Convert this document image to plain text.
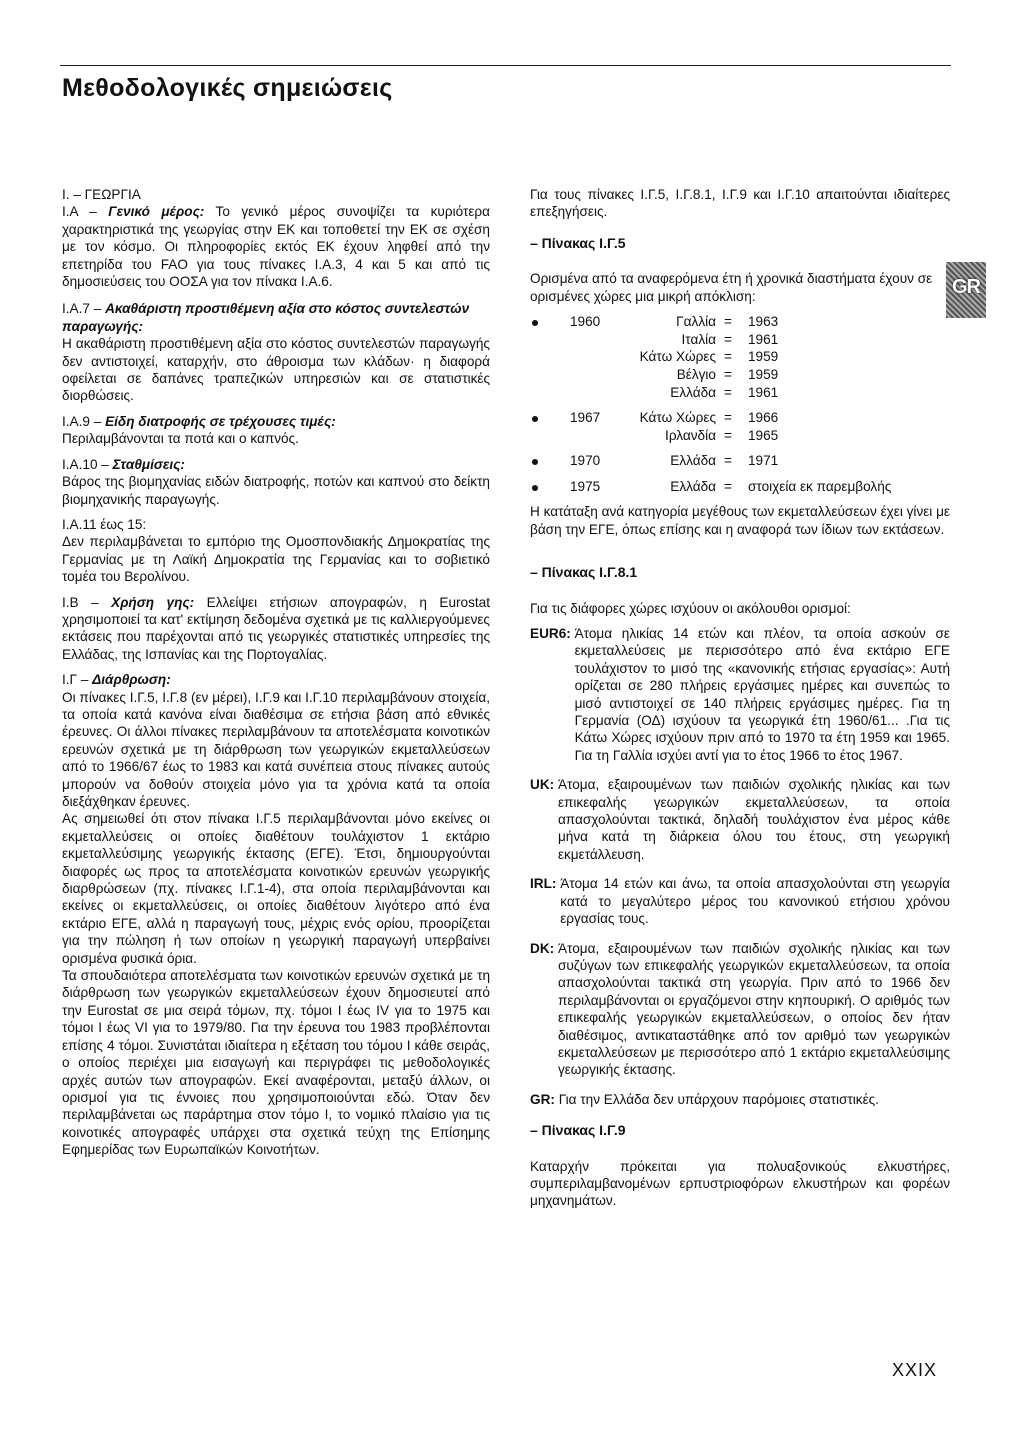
Μεθοδολογικές σημειώσεις
GR

I. – ΓΕΩΡΓΙΑ

I.A – Γενικό μέρος: Το γενικό μέρος συνοψίζει τα κυριότερα χαρακτηριστικά της γεωργίας στην ΕΚ και τοποθετεί την ΕΚ σε σχέση με τον κόσμο. Οι πληροφορίες εκτός ΕΚ έχουν ληφθεί από την επετηρίδα του FAO για τους πίνακες I.A.3, 4 και 5 και από τις δημοσιεύσεις του ΟΟΣΑ για τον πίνακα I.A.6.

I.A.7 – Ακαθάριστη προστιθέμενη αξία στο κόστος συντελεστών παραγωγής:

Η ακαθάριστη προστιθέμενη αξία στο κόστος συντελεστών παραγωγής δεν αντιστοιχεί, καταρχήν, στο άθροισμα των κλάδων· η διαφορά οφείλεται σε δαπάνες τραπεζικών υπηρεσιών και σε στατιστικές διορθώσεις.

I.A.9 – Είδη διατροφής σε τρέχουσες τιμές:

Περιλαμβάνονται τα ποτά και ο καπνός.

I.A.10 – Σταθμίσεις:

Βάρος της βιομηχανίας ειδών διατροφής, ποτών και καπνού στο δείκτη βιομηχανικής παραγωγής.

I.A.11 έως 15:

Δεν περιλαμβάνεται το εμπόριο της Ομοσπονδιακής Δημοκρατίας της Γερμανίας με τη Λαϊκή Δημοκρατία της Γερμανίας και το σοβιετικό τομέα του Βερολίνου.

I.B – Χρήση γης: Ελλείψει ετήσιων απογραφών, η Eurostat χρησιμοποιεί τα κατ' εκτίμηση δεδομένα σχετικά με τις καλλιεργούμενες εκτάσεις που παρέχονται από τις γεωργικές στατιστικές υπηρεσίες της Ελλάδας, της Ισπανίας και της Πορτογαλίας.

I.Γ – Διάρθρωση:

Οι πίνακες I.Γ.5, I.Γ.8 (εν μέρει), I.Γ.9 και I.Γ.10 περιλαμβάνουν στοιχεία, τα οποία κατά κανόνα είναι διαθέσιμα σε ετήσια βάση από εθνικές έρευνες. Οι άλλοι πίνακες περιλαμβάνουν τα αποτελέσματα κοινοτικών ερευνών σχετικά με τη διάρθρωση των γεωργικών εκμεταλλεύσεων από το 1966/67 έως το 1983 και κατά συνέπεια στους πίνακες αυτούς μπορούν να δοθούν στοιχεία μόνο για τα χρόνια κατά τα οποία διεξάχθηκαν έρευνες.

Ας σημειωθεί ότι στον πίνακα I.Γ.5 περιλαμβάνονται μόνο εκείνες οι εκμεταλλεύσεις οι οποίες διαθέτουν τουλάχιστον 1 εκτάριο εκμεταλλεύσιμης γεωργικής έκτασης (ΕΓΕ). Έτσι, δημιουργούνται διαφορές ως προς τα αποτελέσματα κοινοτικών ερευνών γεωργικής διαρθρώσεων (πχ. πίνακες I.Γ.1-4), στα οποία περιλαμβάνονται και εκείνες οι εκμεταλλεύσεις, οι οποίες διαθέτουν λιγότερο από ένα εκτάριο ΕΓΕ, αλλά η παραγωγή τους, μέχρις ενός ορίου, προορίζεται για την πώληση ή των οποίων η γεωργική παραγωγή υπερβαίνει ορισμένα φυσικά όρια.

Τα σπουδαιότερα αποτελέσματα των κοινοτικών ερευνών σχετικά με τη διάρθρωση των γεωργικών εκμεταλλεύσεων έχουν δημοσιευτεί από την Eurostat σε μια σειρά τόμων, πχ. τόμοι I έως IV για το 1975 και τόμοι I έως VI για το 1979/80. Για την έρευνα του 1983 προβλέπονται επίσης 4 τόμοι. Συνιστάται ιδιαίτερα η εξέταση του τόμου I κάθε σειράς, ο οποίος περιέχει μια εισαγωγή και περιγράφει τις μεθοδολογικές αρχές αυτών των απογραφών. Εκεί αναφέρονται, μεταξύ άλλων, οι ορισμοί για τις έννοιες που χρησιμοποιούνται εδώ. Όταν δεν περιλαμβάνεται ως παράρτημα στον τόμο I, το νομικό πλαίσιο για τις κοινοτικές απογραφές υπάρχει στα σχετικά τεύχη της Επίσημης Εφημερίδας των Ευρωπαϊκών Κοινοτήτων.

Για τους πίνακες I.Γ.5, I.Γ.8.1, I.Γ.9 και I.Γ.10 απαιτούνται ιδιαίτερες επεξηγήσεις.

– Πίνακας I.Γ.5

Ορισμένα από τα αναφερόμενα έτη ή χρονικά διαστήματα έχουν σε ορισμένες χώρες μια μικρή απόκλιση:

1960	Γαλλία =	1963
Ιταλία =	1961
Κάτω Χώρες =	1959
Βέλγιο =	1959
Ελλάδα =	1961
1967	Κάτω Χώρες =	1966
Ιρλανδία =	1965
1970	Ελλάδα =	1971
1975	Ελλάδα =	στοιχεία εκ παρεμβολής

Η κατάταξη ανά κατηγορία μεγέθους των εκμεταλλεύσεων έχει γίνει με βάση την ΕΓΕ, όπως επίσης και η αναφορά των ίδιων των εκτάσεων.

– Πίνακας I.Γ.8.1

Για τις διάφορες χώρες ισχύουν οι ακόλουθοι ορισμοί:

EUR6:
Άτομα ηλικίας 14 ετών και πλέον, τα οποία ασκούν σε εκμεταλλεύσεις με περισσότερο από ένα εκτάριο ΕΓΕ τουλάχιστον το μισό της «κανονικής ετήσιας εργασίας»: Αυτή ορίζεται σε 280 πλήρεις εργάσιμες ημέρες και συνεπώς το μισό αντιστοιχεί σε 140 πλήρεις εργάσιμες ημέρες. Για τη Γερμανία (ΟΔ) ισχύουν τα γεωργικά έτη 1960/61... .Για τις Κάτω Χώρες ισχύουν πριν από το 1970 τα έτη 1959 και 1965. Για τη Γαλλία ισχύει αντί για το έτος 1966 το έτος 1967.
UK:
Άτομα, εξαιρουμένων των παιδιών σχολικής ηλικίας και των επικεφαλής γεωργικών εκμεταλλεύσεων, τα οποία απασχολούνται τακτικά, δηλαδή τουλάχιστον ένα μέρος κάθε μήνα κατά τη διάρκεια όλου του έτους, στη γεωργική εκμετάλλευση.
IRL:
Άτομα 14 ετών και άνω, τα οποία απασχολούνται στη γεωργία κατά το μεγαλύτερο μέρος του κανονικού ετήσιου χρόνου εργασίας τους.
DK:
Άτομα, εξαιρουμένων των παιδιών σχολικής ηλικίας και των συζύγων των επικεφαλής γεωργικών εκμεταλλεύσεων, τα οποία απασχολούνται τακτικά στη γεωργία. Πριν από το 1966 δεν περιλαμβάνονται οι εργαζόμενοι στην κηπουρική. Ο αριθμός των επικεφαλής γεωργικών εκμεταλλεύσεων, ο οποίος δεν ήταν διαθέσιμος, αντικαταστάθηκε από τον αριθμό των γεωργικών εκμεταλλεύσεων με περισσότερο από 1 εκτάριο εκμεταλλεύσιμης γεωργικής έκτασης.
GR:
Για την Ελλάδα δεν υπάρχουν παρόμοιες στατιστικές.

– Πίνακας I.Γ.9

Καταρχήν πρόκειται για πολυαξονικούς ελκυστήρες, συμπεριλαμβανομένων ερπυστριοφόρων ελκυστήρων και φορέων μηχανημάτων.

XXIX
